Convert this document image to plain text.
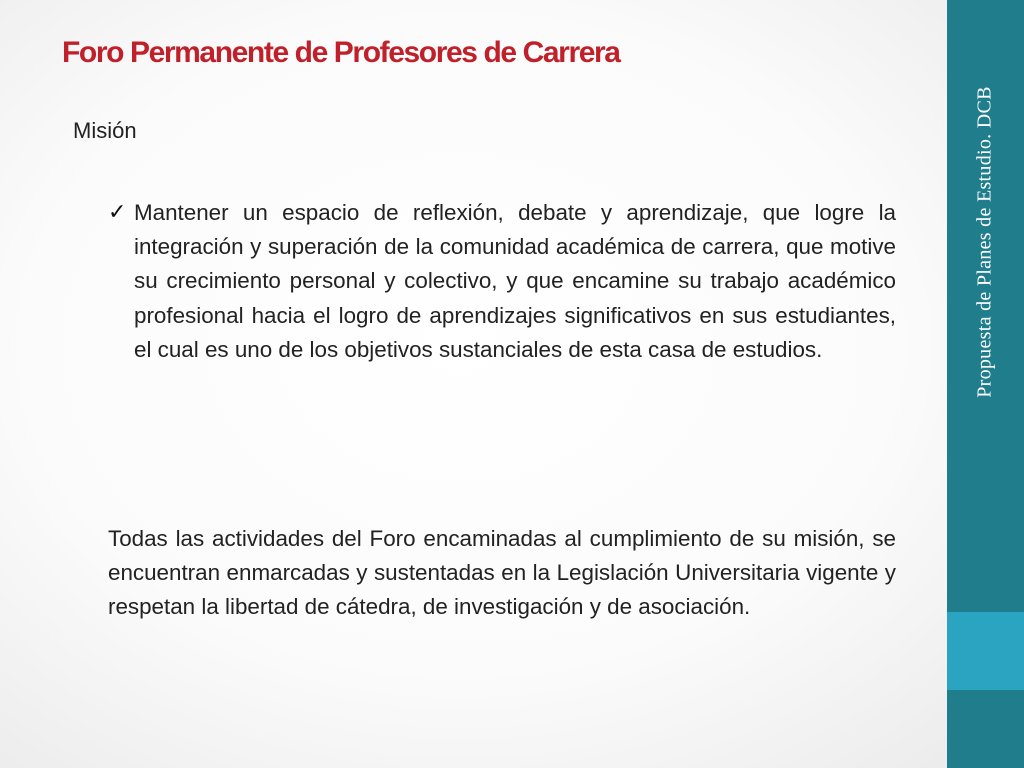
Foro Permanente de Profesores de Carrera
Misión
✓ Mantener un espacio de reflexión, debate y aprendizaje, que logre la integración y superación de la comunidad académica de carrera, que motive su crecimiento personal y colectivo, y que encamine su trabajo académico profesional hacia el logro de aprendizajes significativos en sus estudiantes, el cual es uno de los objetivos sustanciales de esta casa de estudios.

Todas las actividades del Foro encaminadas al cumplimiento de su misión, se encuentran enmarcadas y sustentadas en la Legislación Universitaria vigente y respetan la libertad de cátedra, de investigación y de asociación.

Propuesta de Planes de Estudio. DCB
